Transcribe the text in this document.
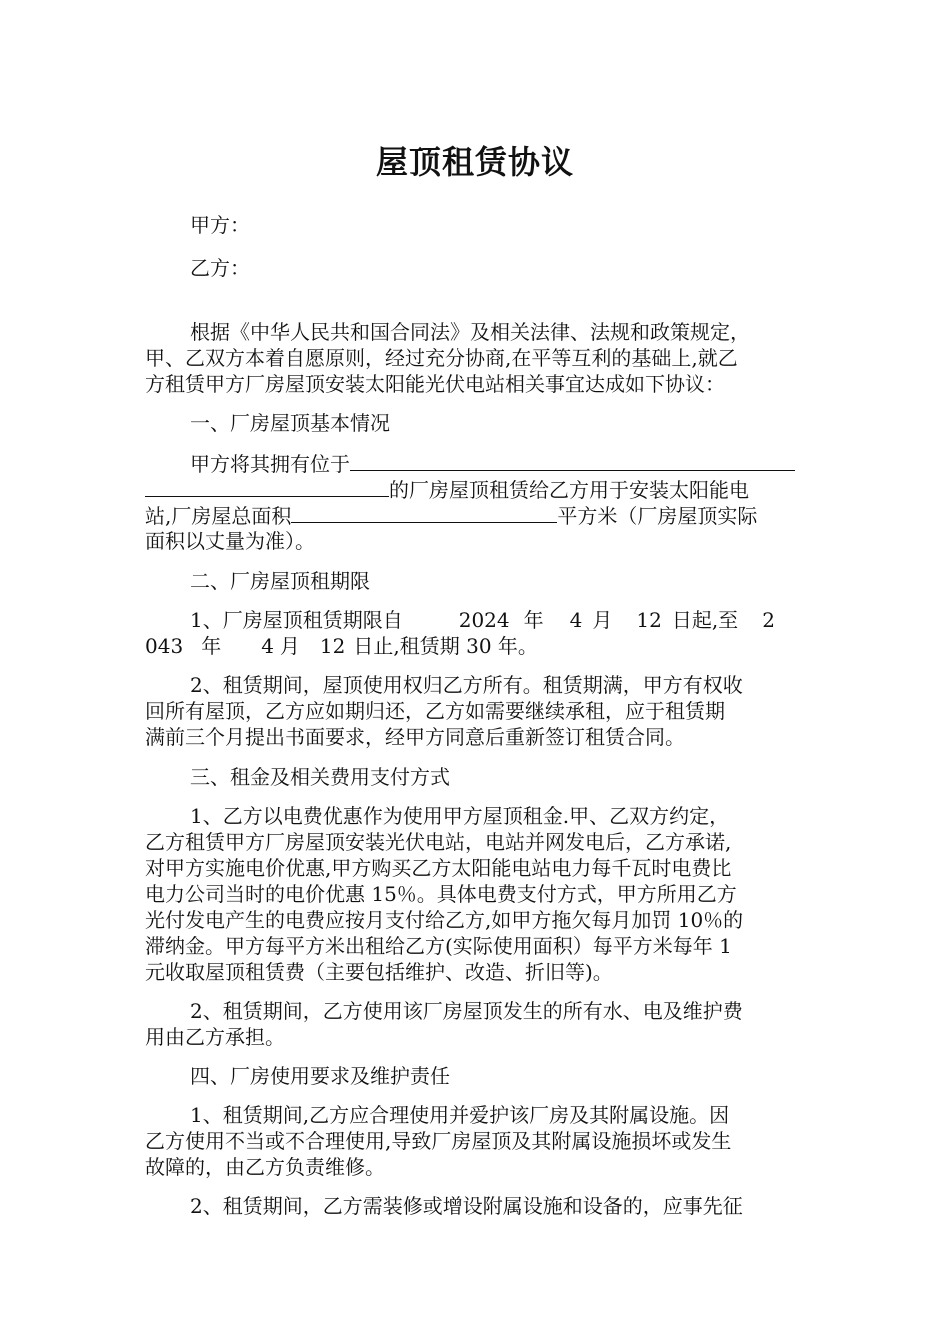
屋顶租赁协议
甲方：
乙方：
根据《中华人民共和国合同法》及相关法律、法规和政策规定，
甲、乙双方本着自愿原则，经过充分协商,在平等互利的基础上,就乙
方租赁甲方厂房屋顶安装太阳能光伏电站相关事宜达成如下协议：
一、厂房屋顶基本情况
甲方将其拥有位于
的厂房屋顶租赁给乙方用于安装太阳能电
站,厂房屋总面积	平方米（厂房屋顶实际
面积以丈量为准）。
二、厂房屋顶租期限
1、厂房屋顶租赁期限自	2024 年 4 月 12 日起,至 2
043 年 4 月 12 日止,租赁期 30 年。
2、租赁期间，屋顶使用权归乙方所有。租赁期满，甲方有权收
回所有屋顶，乙方应如期归还，乙方如需要继续承租，应于租赁期
满前三个月提出书面要求，经甲方同意后重新签订租赁合同。
三、租金及相关费用支付方式
1、乙方以电费优惠作为使用甲方屋顶租金.甲、乙双方约定，
乙方租赁甲方厂房屋顶安装光伏电站，电站并网发电后，乙方承诺,
对甲方实施电价优惠,甲方购买乙方太阳能电站电力每千瓦时电费比
电力公司当时的电价优惠 15％。具体电费支付方式，甲方所用乙方
光付发电产生的电费应按月支付给乙方,如甲方拖欠每月加罚 10％的
滞纳金。甲方每平方米出租给乙方(实际使用面积）每平方米每年 1
元收取屋顶租赁费（主要包括维护、改造、折旧等)。
2、租赁期间，乙方使用该厂房屋顶发生的所有水、电及维护费
用由乙方承担。
四、厂房使用要求及维护责任
1、租赁期间,乙方应合理使用并爱护该厂房及其附属设施。因
乙方使用不当或不合理使用,导致厂房屋顶及其附属设施损坏或发生
故障的，由乙方负责维修。
2、租赁期间，乙方需装修或增设附属设施和设备的，应事先征
